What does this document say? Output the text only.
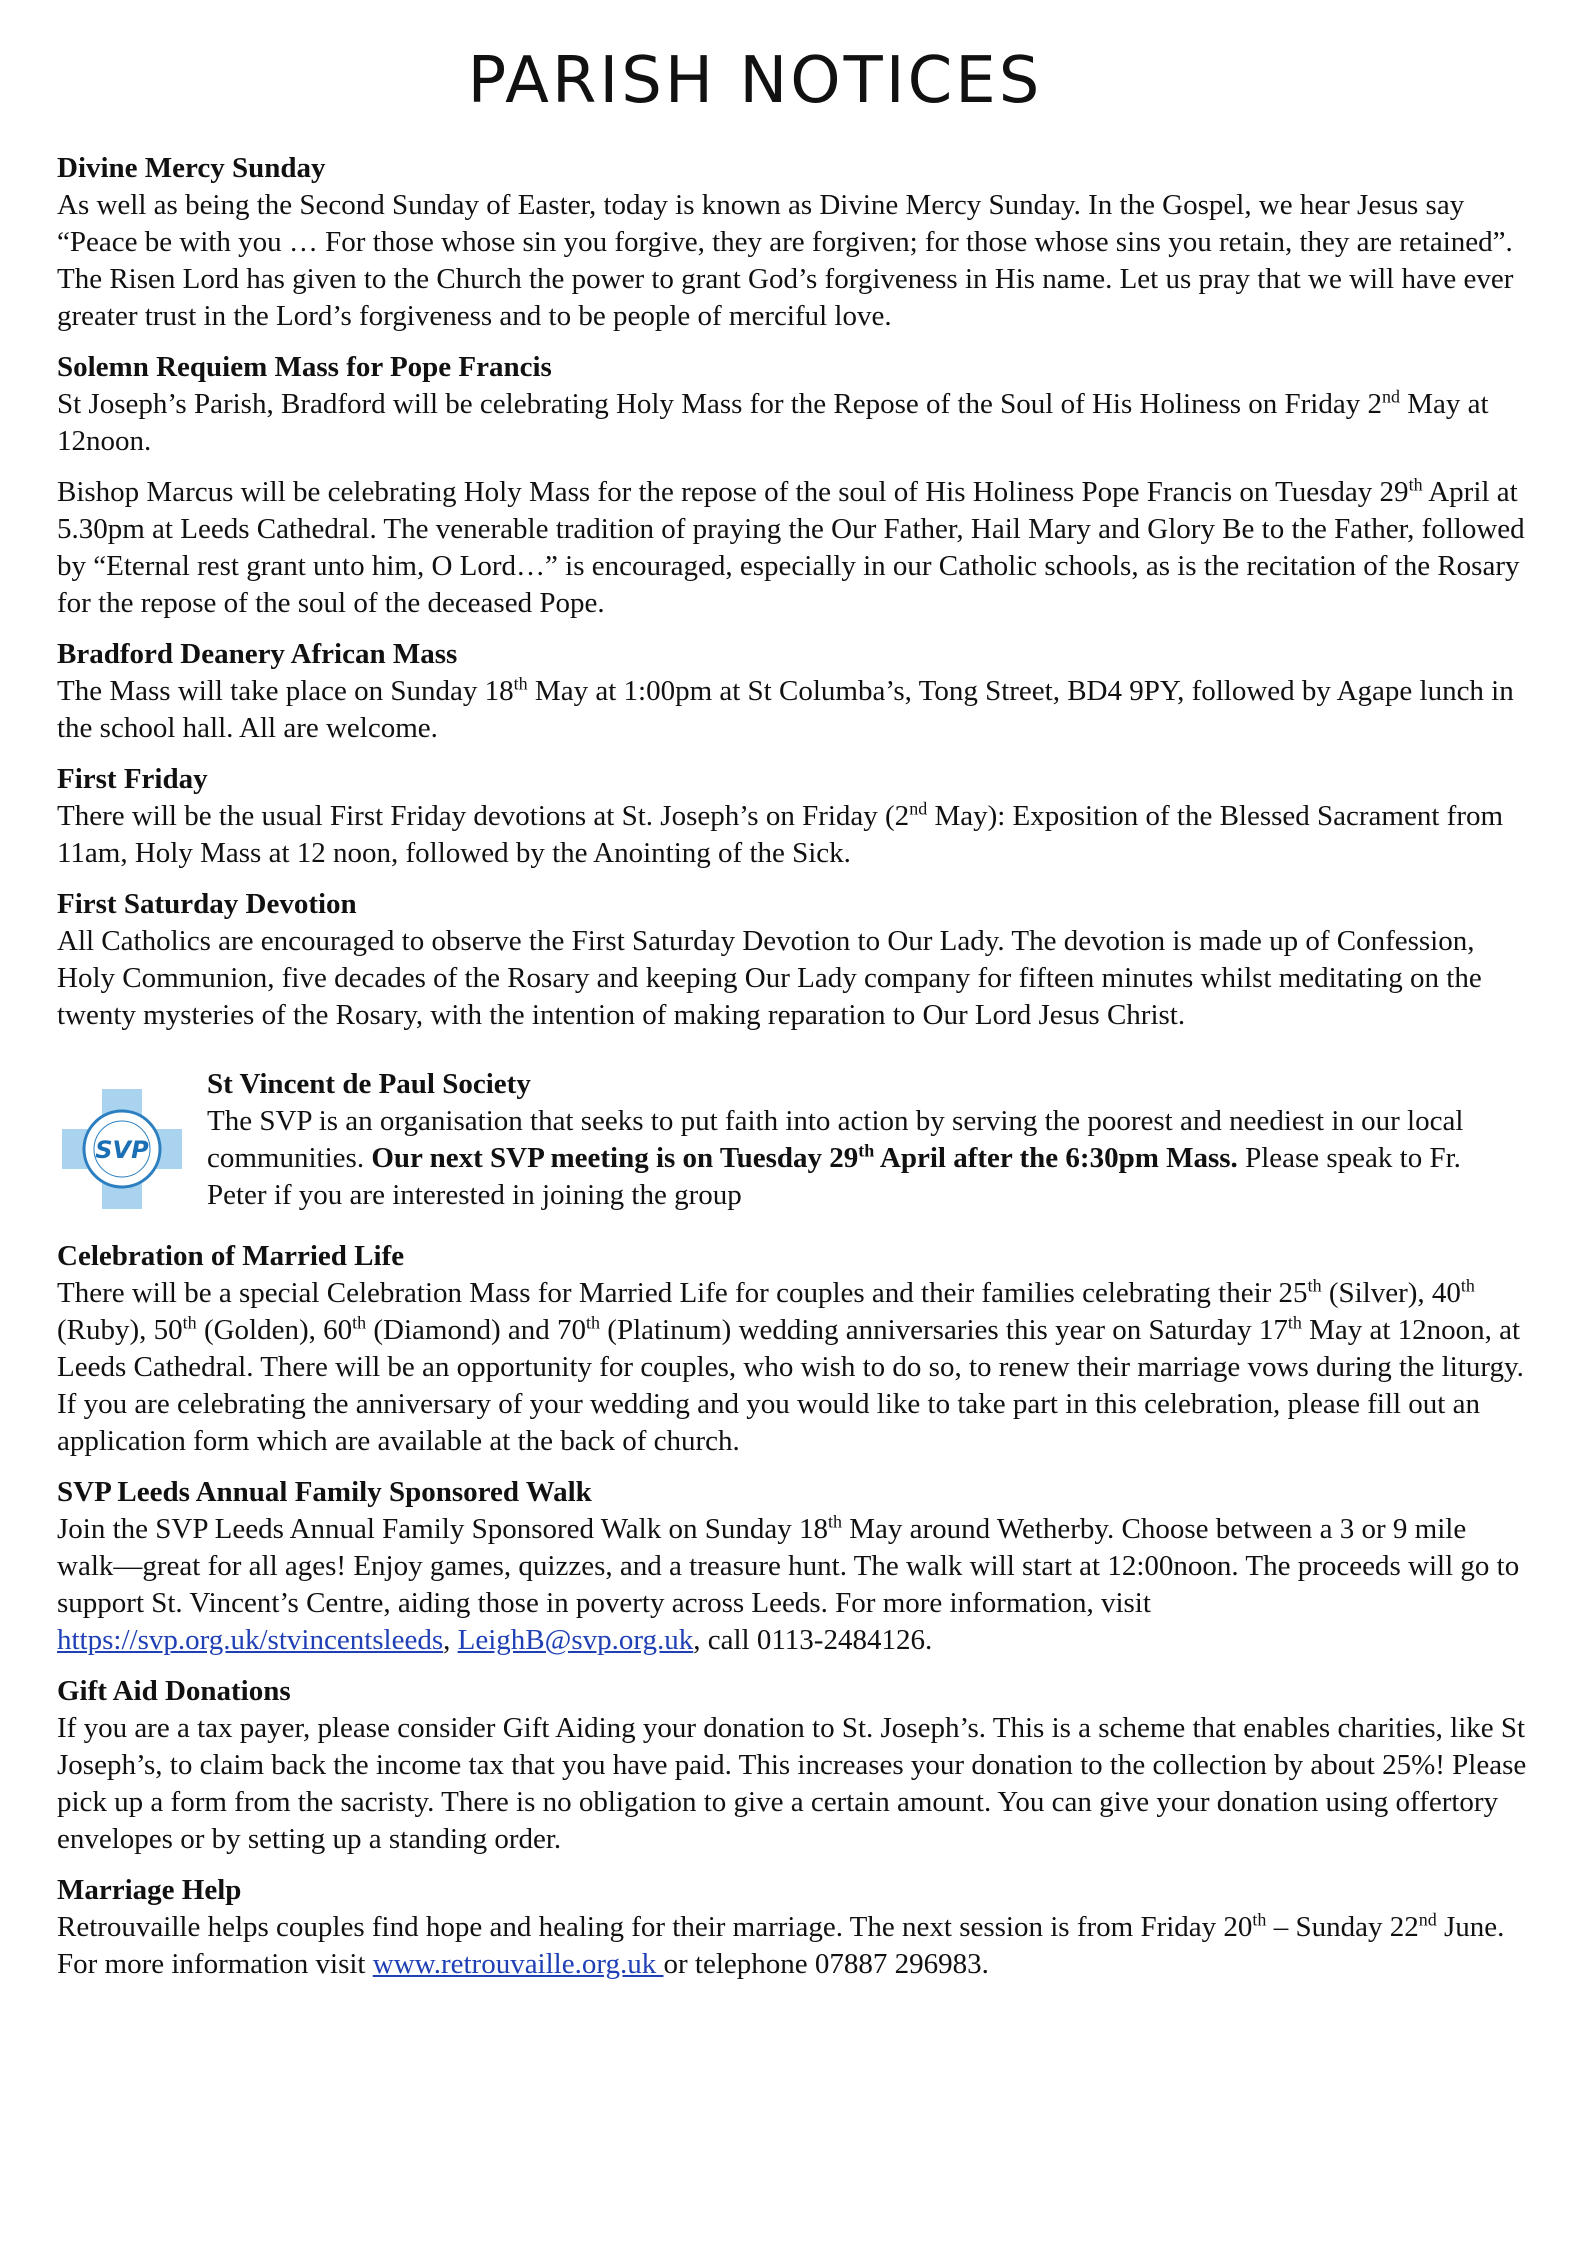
PARISH NOTICES
Divine Mercy Sunday

As well as being the Second Sunday of Easter, today is known as Divine Mercy Sunday. In the Gospel, we hear Jesus say “Peace be with you … For those whose sin you forgive, they are forgiven; for those whose sins you retain, they are retained”. The Risen Lord has given to the Church the power to grant God’s forgiveness in His name. Let us pray that we will have ever greater trust in the Lord’s forgiveness and to be people of merciful love.

Solemn Requiem Mass for Pope Francis

St Joseph’s Parish, Bradford will be celebrating Holy Mass for the Repose of the Soul of His Holiness on Friday 2nd May at 12noon.

Bishop Marcus will be celebrating Holy Mass for the repose of the soul of His Holiness Pope Francis on Tuesday 29th April at 5.30pm at Leeds Cathedral. The venerable tradition of praying the Our Father, Hail Mary and Glory Be to the Father, followed by “Eternal rest grant unto him, O Lord…” is encouraged, especially in our Catholic schools, as is the recitation of the Rosary for the repose of the soul of the deceased Pope.

Bradford Deanery African Mass

The Mass will take place on Sunday 18th May at 1:00pm at St Columba’s, Tong Street, BD4 9PY, followed by Agape lunch in the school hall. All are welcome.

First Friday

There will be the usual First Friday devotions at St. Joseph’s on Friday (2nd May): Exposition of the Blessed Sacrament from 11am, Holy Mass at 12 noon, followed by the Anointing of the Sick.

First Saturday Devotion

All Catholics are encouraged to observe the First Saturday Devotion to Our Lady. The devotion is made up of Confession, Holy Communion, five decades of the Rosary and keeping Our Lady company for fifteen minutes whilst meditating on the twenty mysteries of the Rosary, with the intention of making reparation to Our Lord Jesus Christ.

SVP
St Vincent de Paul Society

The SVP is an organisation that seeks to put faith into action by serving the poorest and neediest in our local communities. Our next SVP meeting is on Tuesday 29th April after the 6:30pm Mass. Please speak to Fr. Peter if you are interested in joining the group

Celebration of Married Life

There will be a special Celebration Mass for Married Life for couples and their families celebrating their 25th (Silver), 40th (Ruby), 50th (Golden), 60th (Diamond) and 70th (Platinum) wedding anniversaries this year on Saturday 17th May at 12noon, at Leeds Cathedral. There will be an opportunity for couples, who wish to do so, to renew their marriage vows during the liturgy. If you are celebrating the anniversary of your wedding and you would like to take part in this celebration, please fill out an application form which are available at the back of church.

SVP Leeds Annual Family Sponsored Walk

Join the SVP Leeds Annual Family Sponsored Walk on Sunday 18th May around Wetherby. Choose between a 3 or 9 mile walk—great for all ages! Enjoy games, quizzes, and a treasure hunt. The walk will start at 12:00noon. The proceeds will go to support St. Vincent’s Centre, aiding those in poverty across Leeds. For more information, visit https://svp.org.uk/stvincentsleeds, LeighB@svp.org.uk, call 0113-2484126.

Gift Aid Donations

If you are a tax payer, please consider Gift Aiding your donation to St. Joseph’s. This is a scheme that enables charities, like St Joseph’s, to claim back the income tax that you have paid. This increases your donation to the collection by about 25%! Please pick up a form from the sacristy. There is no obligation to give a certain amount. You can give your donation using offertory envelopes or by setting up a standing order.

Marriage Help

Retrouvaille helps couples find hope and healing for their marriage. The next session is from Friday 20th – Sunday 22nd June. For more information visit www.retrouvaille.org.uk or telephone 07887 296983.
